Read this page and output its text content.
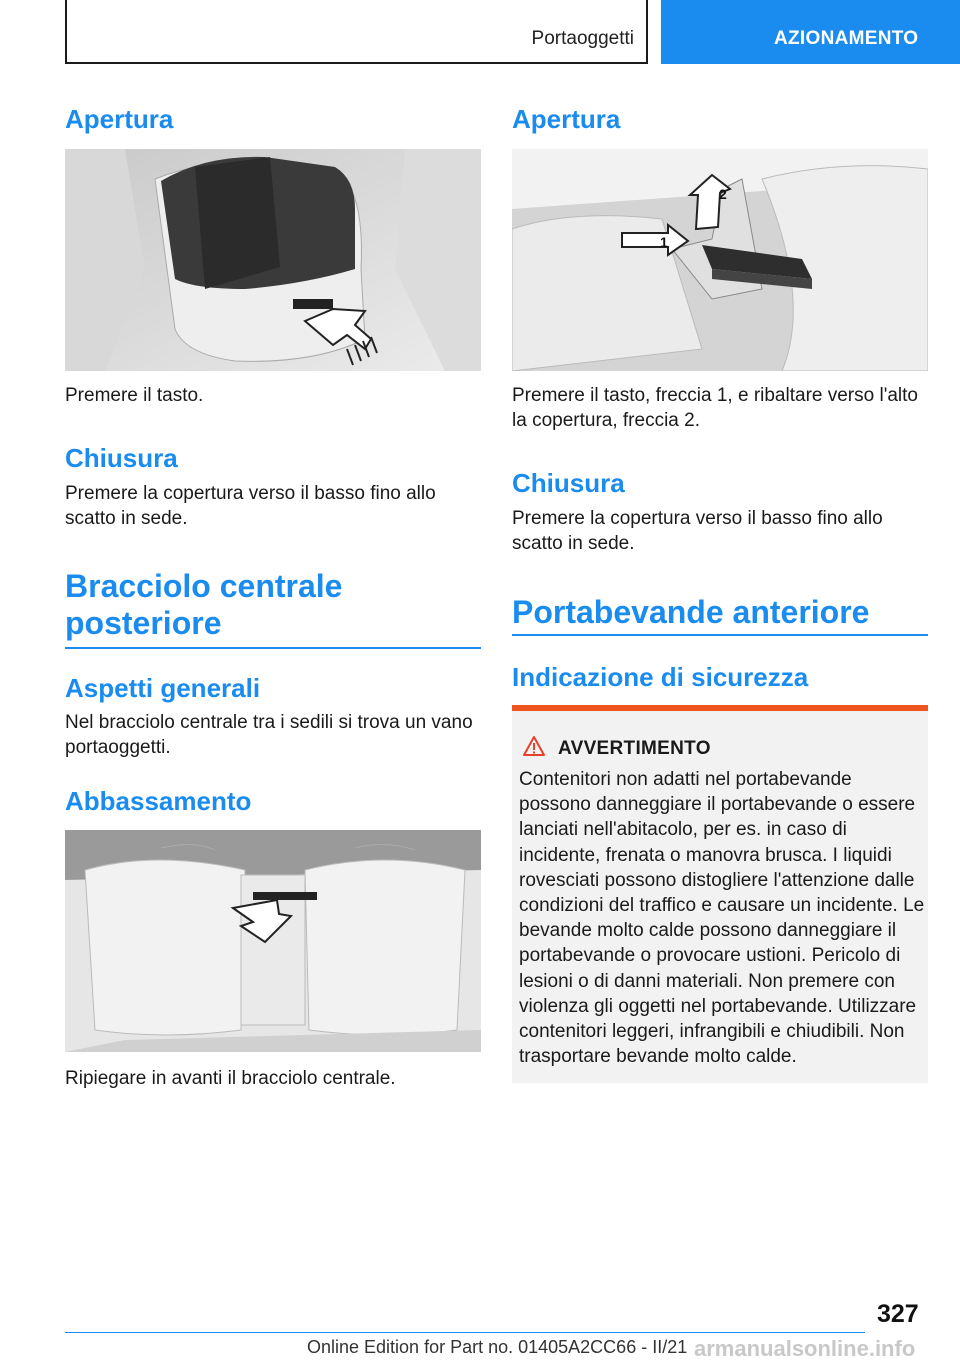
Portaoggetti	AZIONAMENTO
Apertura

Premere il tasto.

Chiusura

Premere la copertura verso il basso fino allo scatto in sede.

Bracciolo centrale posteriore
Aspetti generali

Nel bracciolo centrale tra i sedili si trova un vano portaoggetti.

Abbassamento

Ripiegare in avanti il bracciolo centrale.

Apertura
1
2

Premere il tasto, freccia 1, e ribaltare verso l'alto la copertura, freccia 2.

Chiusura

Premere la copertura verso il basso fino allo scatto in sede.

Portabevande anteriore
Indicazione di sicurezza
AVVERTIMENTO
Contenitori non adatti nel portabevande possono danneggiare il portabevande o essere lanciati nell'abitacolo, per es. in caso di incidente, frenata o manovra brusca. I liquidi rovesciati possono distogliere l'attenzione dalle condizioni del traffico e causare un incidente. Le bevande molto calde possono danneggiare il portabevande o provocare ustioni. Pericolo di lesioni o di danni materiali. Non premere con violenza gli oggetti nel portabevande. Utilizzare contenitori leggeri, infrangibili e chiudibili. Non trasportare bevande molto calde.
327
Online Edition for Part no. 01405A2CC66 - II/21 armanualsonline.info
